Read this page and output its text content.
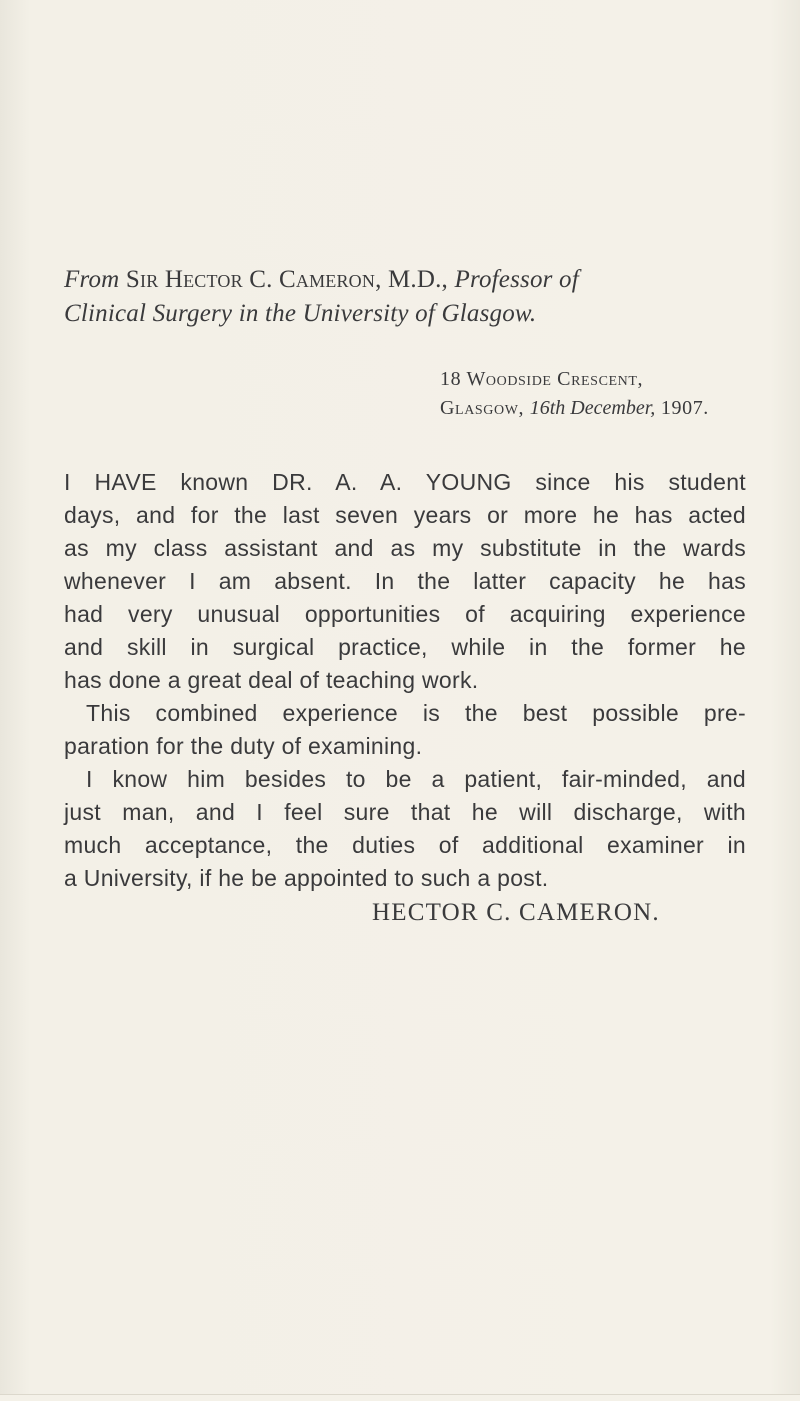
From Sir Hector C. Cameron, M.D., Professor of
Clinical Surgery in the University of Glasgow.
18 Woodside Crescent,
Glasgow, 16th December, 1907.
I HAVE known DR. A. A. YOUNG since his student
days, and for the last seven years or more he has acted
as my class assistant and as my substitute in the wards
whenever I am absent. In the latter capacity he has
had very unusual opportunities of acquiring experience
and skill in surgical practice, while in the former he
has done a great deal of teaching work.
This combined experience is the best possible pre-
paration for the duty of examining.
I know him besides to be a patient, fair-minded, and
just man, and I feel sure that he will discharge, with
much acceptance, the duties of additional examiner in
a University, if he be appointed to such a post.
HECTOR C. CAMERON.
